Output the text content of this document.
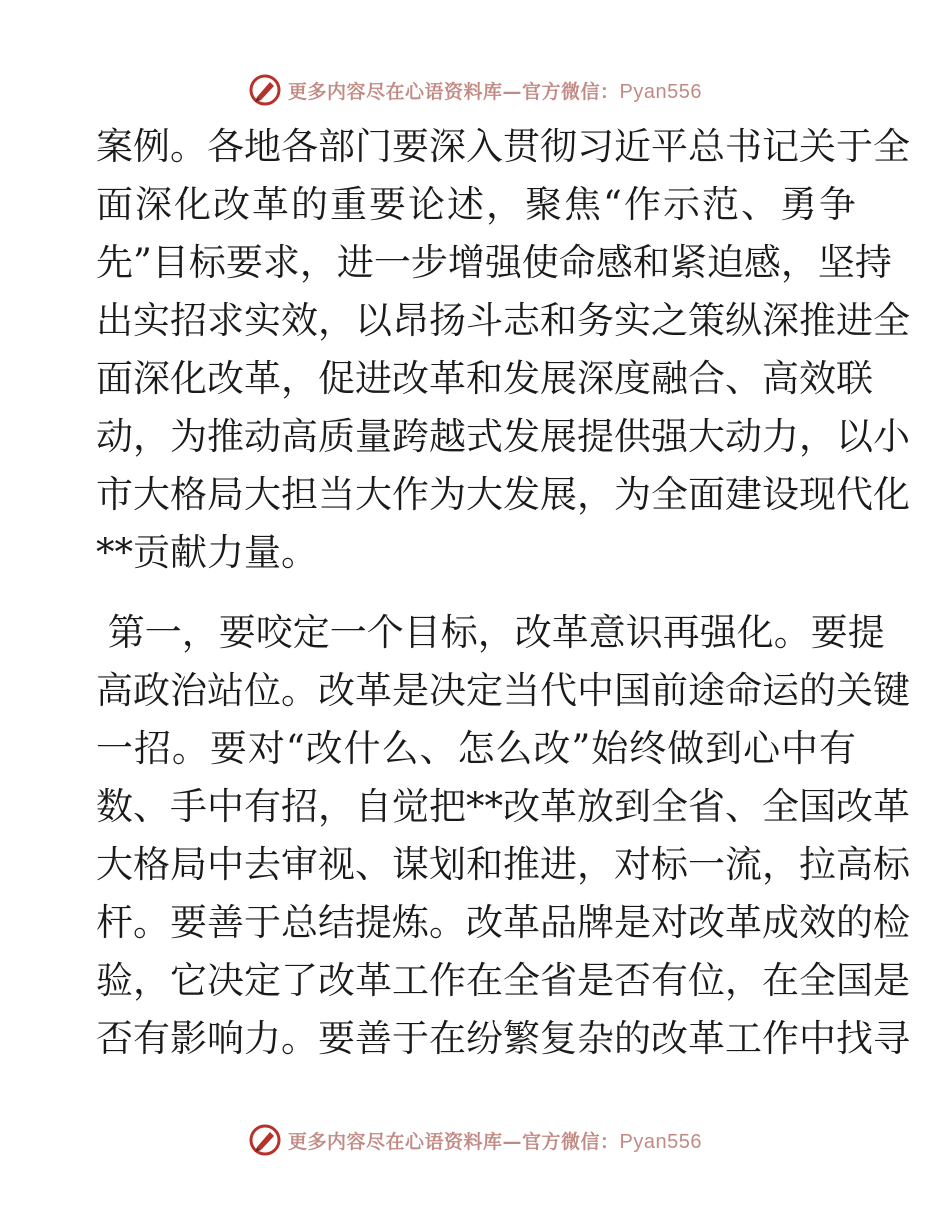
更多内容尽在心语资料库—官方微信：Pyan556
案例。各地各部门要深入贯彻习近平总书记关于全
面深化改革的重要论述，聚焦“作示范、勇争
先”目标要求，进一步增强使命感和紧迫感，坚持
出实招求实效，以昂扬斗志和务实之策纵深推进全
面深化改革，促进改革和发展深度融合、高效联
动，为推动高质量跨越式发展提供强大动力，以小
市大格局大担当大作为大发展，为全面建设现代化
**贡献力量。
第一，要咬定一个目标，改革意识再强化。要提
高政治站位。改革是决定当代中国前途命运的关键
一招。要对“改什么、怎么改”始终做到心中有
数、手中有招，自觉把**改革放到全省、全国改革
大格局中去审视、谋划和推进，对标一流，拉高标
杆。要善于总结提炼。改革品牌是对改革成效的检
验，它决定了改革工作在全省是否有位，在全国是
否有影响力。要善于在纷繁复杂的改革工作中找寻
更多内容尽在心语资料库—官方微信：Pyan556
